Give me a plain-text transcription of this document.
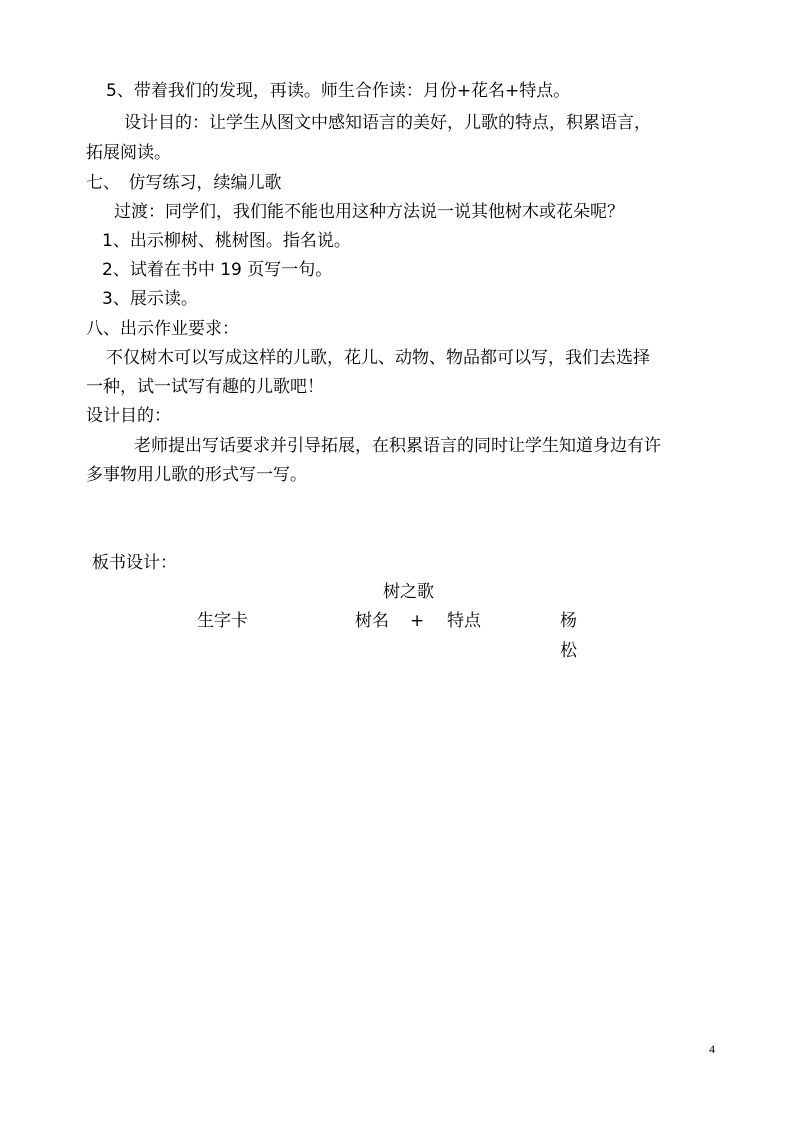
5、带着我们的发现，再读。师生合作读：月份+花名+特点。
设计目的：让学生从图文中感知语言的美好，儿歌的特点，积累语言，
拓展阅读。
七、　仿写练习，续编儿歌
过渡：同学们，我们能不能也用这种方法说一说其他树木或花朵呢？
1、出示柳树、桃树图。指名说。
2、试着在书中 19 页写一句。
3、展示读。
八、出示作业要求：
不仅树木可以写成这样的儿歌，花儿、动物、物品都可以写，我们去选择
一种，试一试写有趣的儿歌吧！
设计目的：
老师提出写话要求并引导拓展，在积累语言的同时让学生知道身边有许
多事物用儿歌的形式写一写。
板书设计：
树之歌
生字卡	树名 + 特点	杨
松
4
